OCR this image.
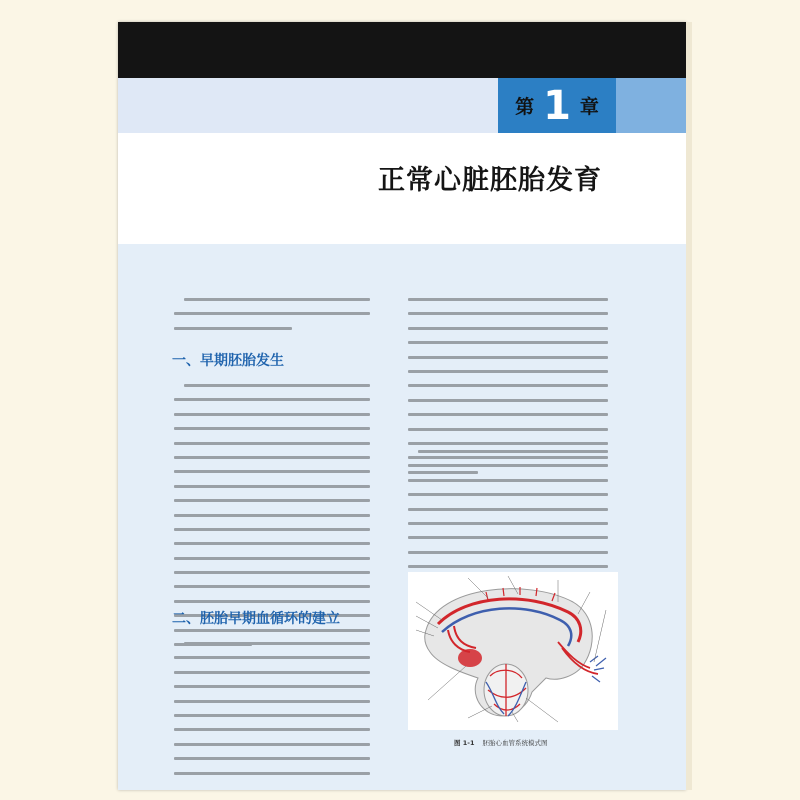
第 1 章
正常心脏胚胎发育
一、早期胚胎发生
二、胚胎早期血循环的建立
图 1-1 胚胎心血管系统模式图
